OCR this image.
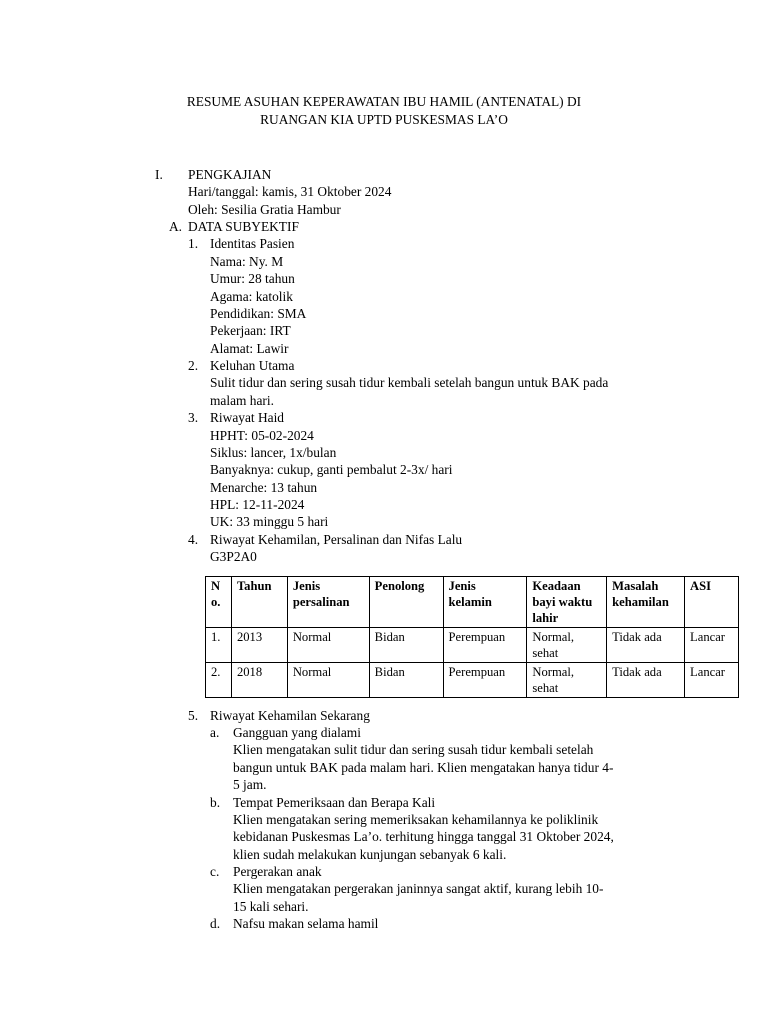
RESUME ASUHAN KEPERAWATAN IBU HAMIL (ANTENATAL) DI
RUANGAN KIA UPTD PUSKESMAS LA’O
I. PENGKAJIAN
Hari/tanggal: kamis, 31 Oktober 2024
Oleh: Sesilia Gratia Hambur
A. DATA SUBYEKTIF
1. Identitas Pasien
Nama: Ny. M
Umur: 28 tahun
Agama: katolik
Pendidikan: SMA
Pekerjaan: IRT
Alamat: Lawir
2. Keluhan Utama
Sulit tidur dan sering susah tidur kembali setelah bangun untuk BAK pada
malam hari.
3. Riwayat Haid
HPHT: 05-02-2024
Siklus: lancer, 1x/bulan
Banyaknya: cukup, ganti pembalut 2-3x/ hari
Menarche: 13 tahun
HPL: 12-11-2024
UK: 33 minggu 5 hari
4. Riwayat Kehamilan, Persalinan dan Nifas Lalu
G3P2A0
N o.	Tahun	Jenis persalinan	Penolong	Jenis kelamin	Keadaan bayi waktu lahir	Masalah kehamilan	ASI
1.	2013	Normal	Bidan	Perempuan	Normal, sehat	Tidak ada	Lancar
2.	2018	Normal	Bidan	Perempuan	Normal, sehat	Tidak ada	Lancar
5. Riwayat Kehamilan Sekarang
a. Gangguan yang dialami
Klien mengatakan sulit tidur dan sering susah tidur kembali setelah
bangun untuk BAK pada malam hari. Klien mengatakan hanya tidur 4-
5 jam.
b. Tempat Pemeriksaan dan Berapa Kali
Klien mengatakan sering memeriksakan kehamilannya ke poliklinik
kebidanan Puskesmas La’o. terhitung hingga tanggal 31 Oktober 2024,
klien sudah melakukan kunjungan sebanyak 6 kali.
c. Pergerakan anak
Klien mengatakan pergerakan janinnya sangat aktif, kurang lebih 10-
15 kali sehari.
d. Nafsu makan selama hamil
